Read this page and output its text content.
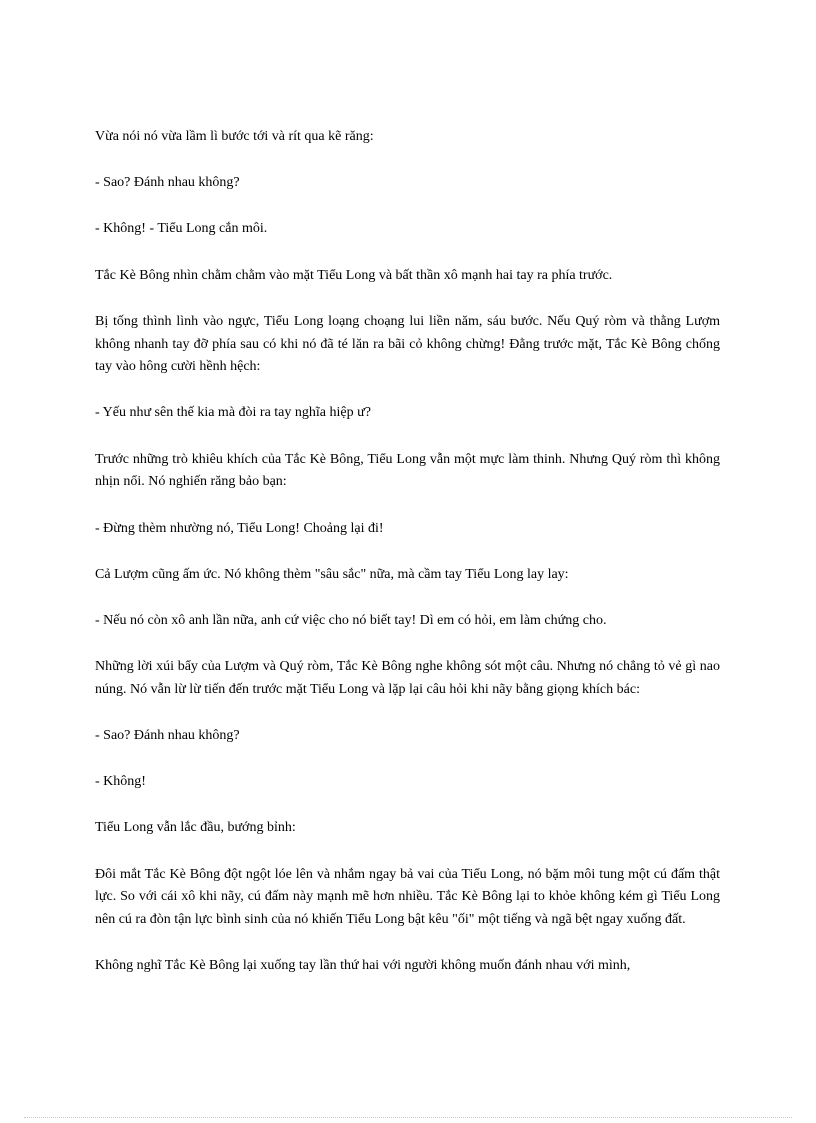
Vừa nói nó vừa lầm lì bước tới và rít qua kẽ răng:

- Sao? Đánh nhau không?

- Không! - Tiểu Long cắn môi.

Tắc Kè Bông nhìn chằm chằm vào mặt Tiểu Long và bất thần xô mạnh hai tay ra phía trước.

Bị tống thình lình vào ngực, Tiểu Long loạng choạng lui liền năm, sáu bước. Nếu Quý ròm và thằng Lượm không nhanh tay đỡ phía sau có khi nó đã té lăn ra bãi cỏ không chừng! Đằng trước mặt, Tắc Kè Bông chống tay vào hông cười hềnh hệch:

- Yếu như sên thế kia mà đòi ra tay nghĩa hiệp ư?

Trước những trò khiêu khích của Tắc Kè Bông, Tiểu Long vẫn một mực làm thinh. Nhưng Quý ròm thì không nhịn nổi. Nó nghiến răng bảo bạn:

- Đừng thèm nhường nó, Tiểu Long! Choảng lại đi!

Cả Lượm cũng ấm ức. Nó không thèm "sâu sắc" nữa, mà cầm tay Tiểu Long lay lay:

- Nếu nó còn xô anh lần nữa, anh cứ việc cho nó biết tay! Dì em có hỏi, em làm chứng cho.

Những lời xúi bẩy của Lượm và Quý ròm, Tắc Kè Bông nghe không sót một câu. Nhưng nó chẳng tỏ vẻ gì nao núng. Nó vẫn lừ lừ tiến đến trước mặt Tiểu Long và lặp lại câu hỏi khi nãy bằng giọng khích bác:

- Sao? Đánh nhau không?

- Không!

Tiểu Long vẫn lắc đầu, bướng bỉnh:

Đôi mắt Tắc Kè Bông đột ngột lóe lên và nhắm ngay bả vai của Tiểu Long, nó bặm môi tung một cú đấm thật lực. So với cái xô khi nãy, cú đấm này mạnh mẽ hơn nhiều. Tắc Kè Bông lại to khỏe không kém gì Tiểu Long nên cú ra đòn tận lực bình sinh của nó khiến Tiểu Long bật kêu "ối" một tiếng và ngã bệt ngay xuống đất.

Không nghĩ Tắc Kè Bông lại xuống tay lần thứ hai với người không muốn đánh nhau với mình,
